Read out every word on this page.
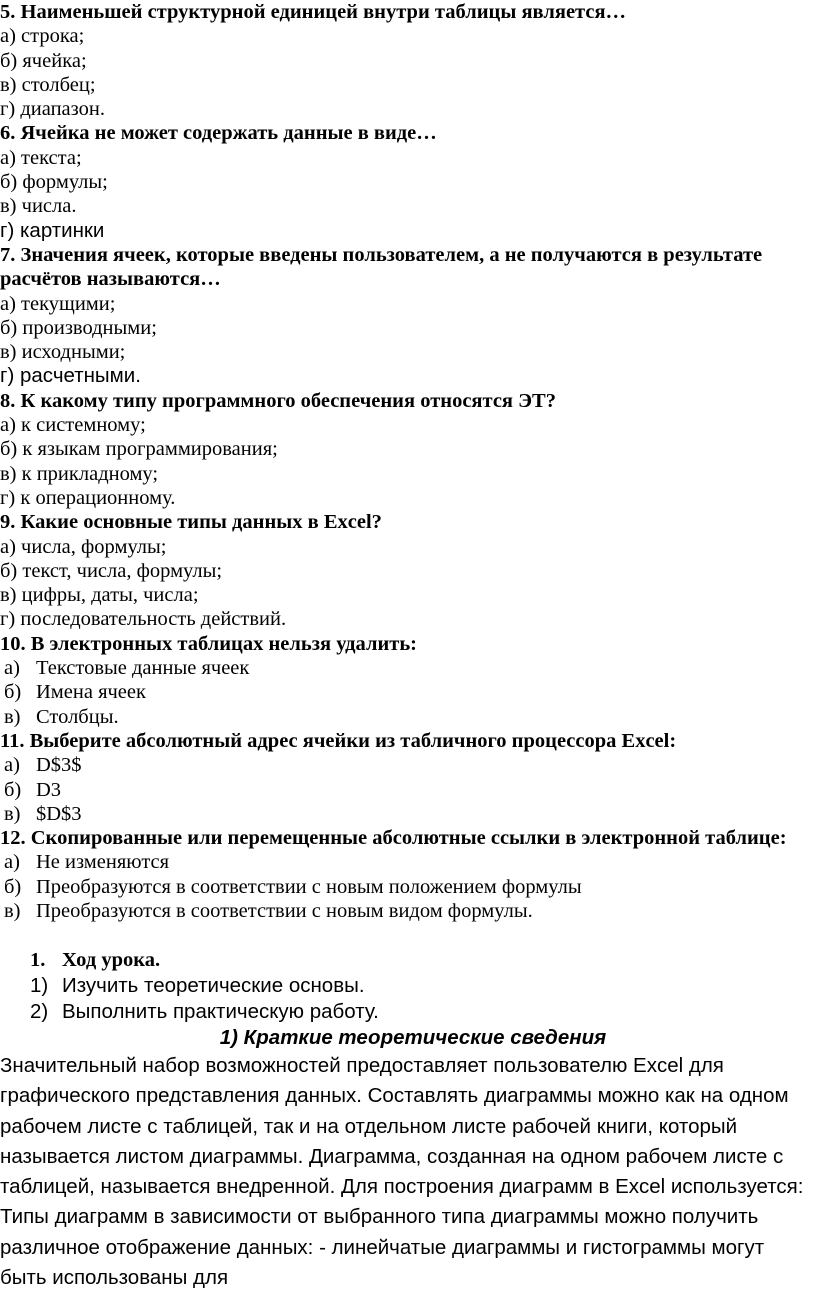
5. Наименьшей структурной единицей внутри таблицы является…
а) строка;
б) ячейка;
в) столбец;
г) диапазон.
6. Ячейка не может содержать данные в виде…
а) текста;
б) формулы;
в) числа.
г) картинки
7. Значения ячеек, которые введены пользователем, а не получаются в результате расчётов называются…
а) текущими;
б) производными;
в) исходными;
г) расчетными.
8. К какому типу программного обеспечения относятся ЭТ?
а) к системному;
б) к языкам программирования;
в) к прикладному;
г) к операционному.
9. Какие основные типы данных в Excel?
а) числа, формулы;
б) текст, числа, формулы;
в) цифры, даты, числа;
г) последовательность действий.
10. В электронных таблицах нельзя удалить:
а) Текстовые данные ячеек
б) Имена ячеек
в) Столбцы.
11. Выберите абсолютный адрес ячейки из табличного процессора Excel:
а) D$3$
б) D3
в) $D$3
12. Скопированные или перемещенные абсолютные ссылки в электронной таблице:
а) Не изменяются
б) Преобразуются в соответствии с новым положением формулы
в) Преобразуются в соответствии с новым видом формулы.
1. Ход урока.
1) Изучить теоретические основы.
2) Выполнить практическую работу.
1) Краткие теоретические сведения
Значительный набор возможностей предоставляет пользователю Excel для графического представления данных. Составлять диаграммы можно как на одном рабочем листе с таблицей, так и на отдельном листе рабочей книги, который называется листом диаграммы. Диаграмма, созданная на одном рабочем листе с таблицей, называется внедренной. Для построения диаграмм в Excel используется: Типы диаграмм в зависимости от выбранного типа диаграммы можно получить различное отображение данных: - линейчатые диаграммы и гистограммы могут быть использованы для
